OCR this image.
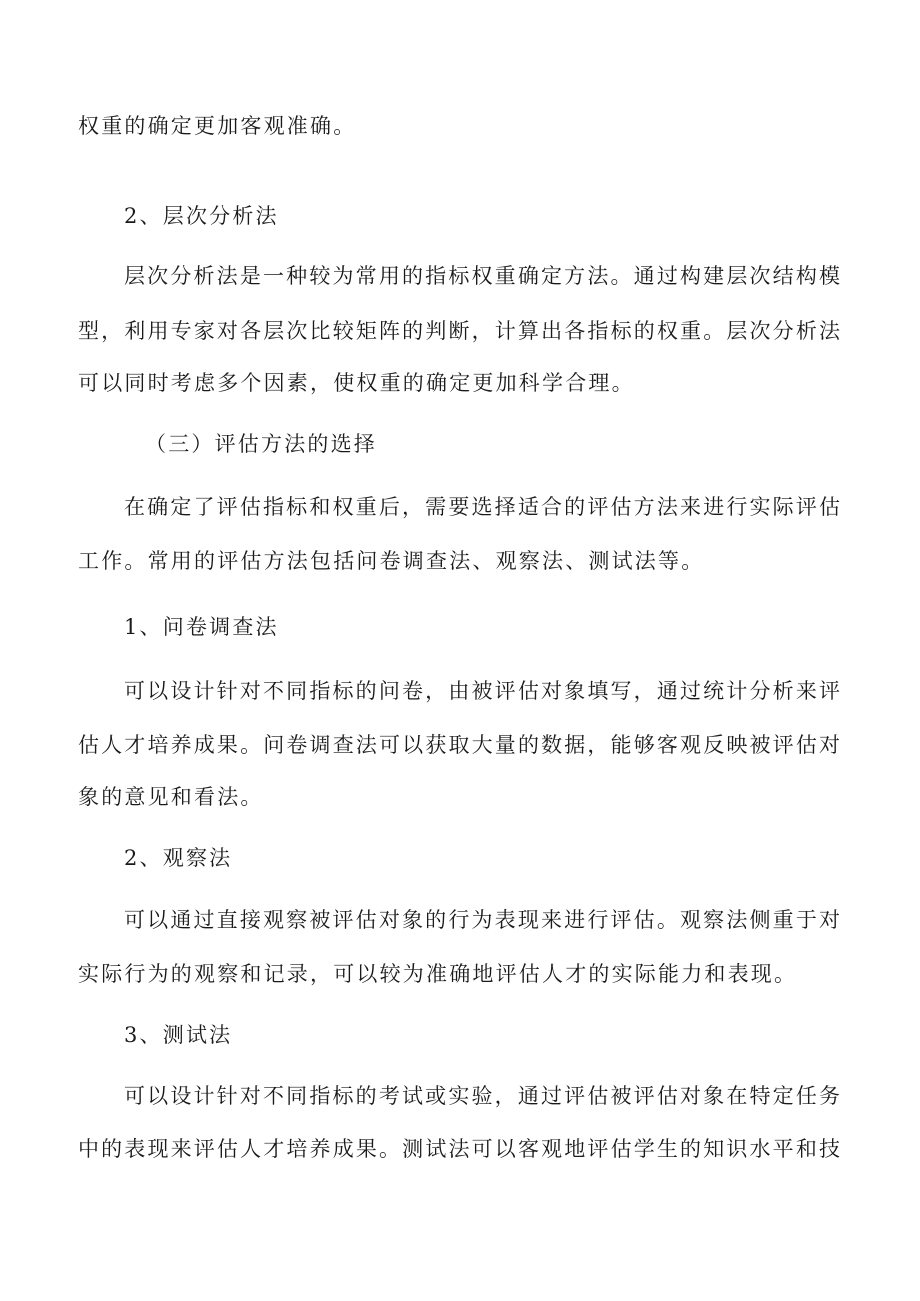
权重的确定更加客观准确。
2、层次分析法
层次分析法是一种较为常用的指标权重确定方法。通过构建层次结构模
型，利用专家对各层次比较矩阵的判断，计算出各指标的权重。层次分析法
可以同时考虑多个因素，使权重的确定更加科学合理。
（三）评估方法的选择
在确定了评估指标和权重后，需要选择适合的评估方法来进行实际评估
工作。常用的评估方法包括问卷调查法、观察法、测试法等。
1、问卷调查法
可以设计针对不同指标的问卷，由被评估对象填写，通过统计分析来评
估人才培养成果。问卷调查法可以获取大量的数据，能够客观反映被评估对
象的意见和看法。
2、观察法
可以通过直接观察被评估对象的行为表现来进行评估。观察法侧重于对
实际行为的观察和记录，可以较为准确地评估人才的实际能力和表现。
3、测试法
可以设计针对不同指标的考试或实验，通过评估被评估对象在特定任务
中的表现来评估人才培养成果。测试法可以客观地评估学生的知识水平和技
